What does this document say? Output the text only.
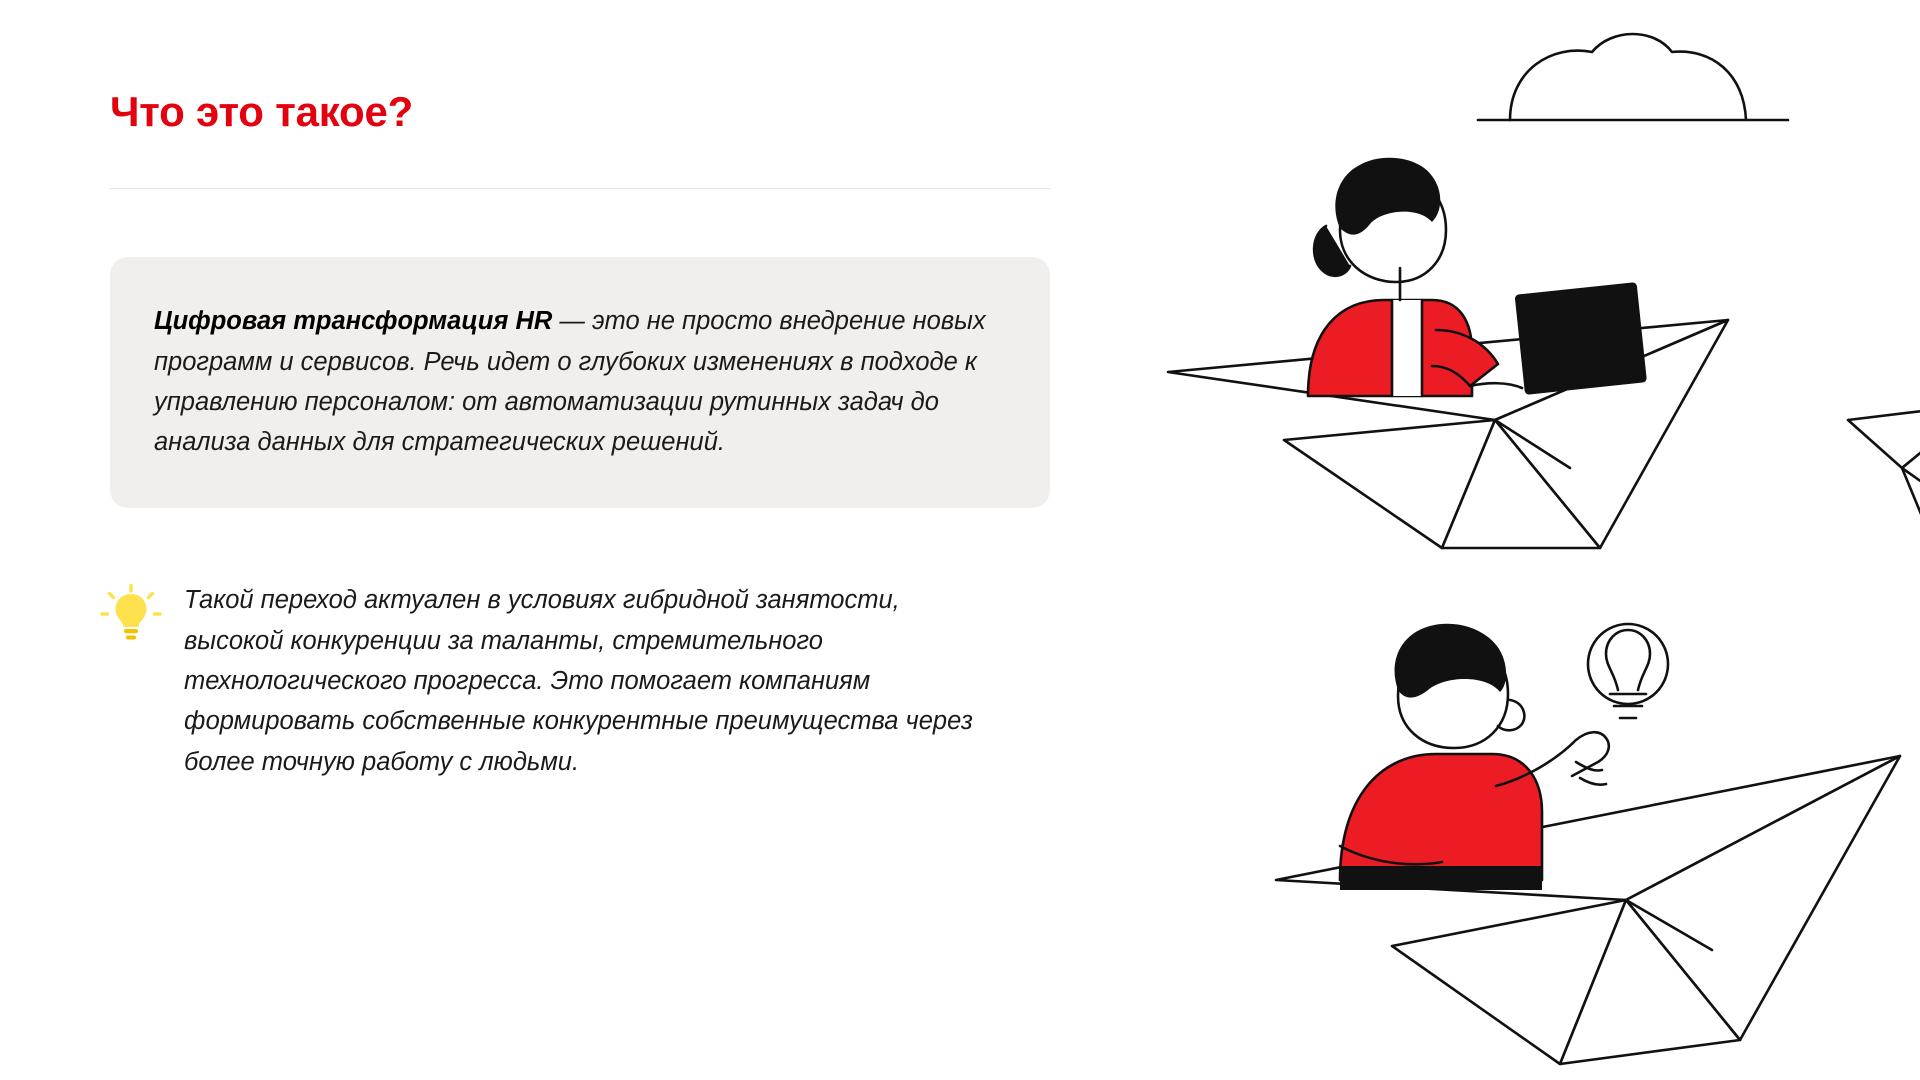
Что это такое?

Цифровая трансформация HR — это не просто внедрение новых программ и сервисов. Речь идет о глубоких изменениях в подходе к управлению персоналом: от автоматизации рутинных задач до анализа данных для стратегических решений.

Такой переход актуален в условиях гибридной занятости, высокой конкуренции за таланты, стремительного технологического прогресса. Это помогает компаниям формировать собственные конкурентные преимущества через более точную работу с людьми.
